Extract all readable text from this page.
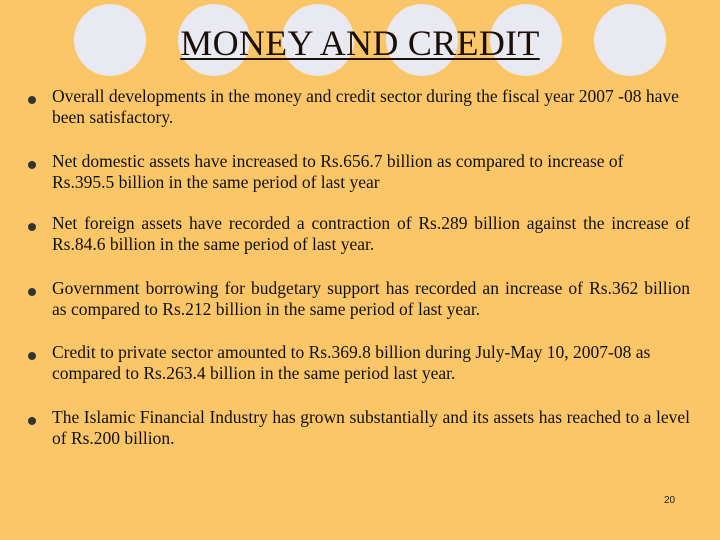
MONEY AND CREDIT
Overall developments in the money and credit sector during the fiscal year 2007 -08 have been satisfactory.
Net domestic assets have increased to Rs.656.7 billion as compared to increase of Rs.395.5 billion in the same period of last year
Net foreign assets have recorded a contraction of Rs.289 billion against the increase of Rs.84.6 billion in the same period of last year.
Government borrowing for budgetary support has recorded an increase of Rs.362 billion as compared to Rs.212 billion in the same period of last year.
Credit to private sector amounted to Rs.369.8 billion during July-May 10, 2007-08 as compared to Rs.263.4 billion in the same period last year.
The Islamic Financial Industry has grown substantially and its assets has reached to a level of Rs.200 billion.
20
